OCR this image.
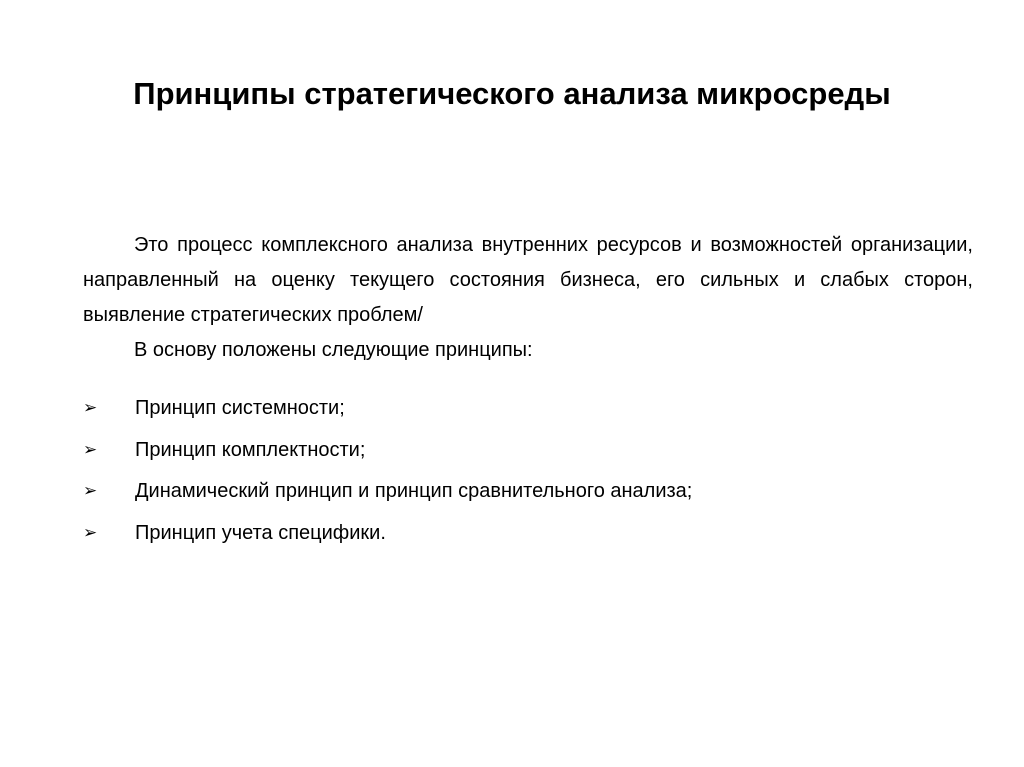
Принципы стратегического анализа микросреды

Это процесс комплексного анализа внутренних ресурсов и возможностей организации, направленный на оценку текущего состояния бизнеса, его сильных и слабых сторон, выявление стратегических проблем/

В основу положены следующие принципы:

➢	Принцип системности;
➢	Принцип комплектности;
➢	Динамический принцип и принцип сравнительного анализа;
➢	Принцип учета специфики.
